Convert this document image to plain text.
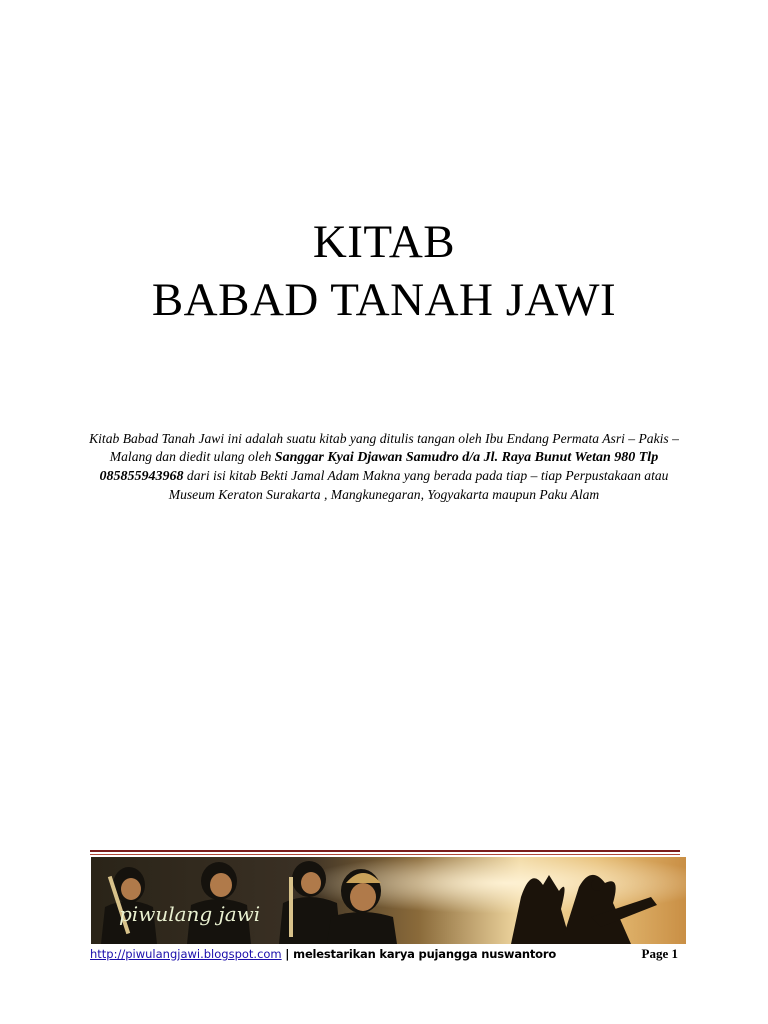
KITAB
BABAD TANAH JAWI
Kitab Babad Tanah Jawi ini adalah suatu kitab yang ditulis tangan oleh Ibu Endang Permata Asri – Pakis – Malang dan diedit ulang oleh Sanggar Kyai Djawan Samudro d/a Jl. Raya Bunut Wetan 980 Tlp 085855943968 dari isi kitab Bekti Jamal Adam Makna yang berada pada tiap – tiap Perpustakaan atau Museum Keraton Surakarta , Mangkunegaran, Yogyakarta maupun Paku Alam
piwulang jawi
http://piwulangjawi.blogspot.com | melestarikan karya pujangga nuswantoro	Page 1
